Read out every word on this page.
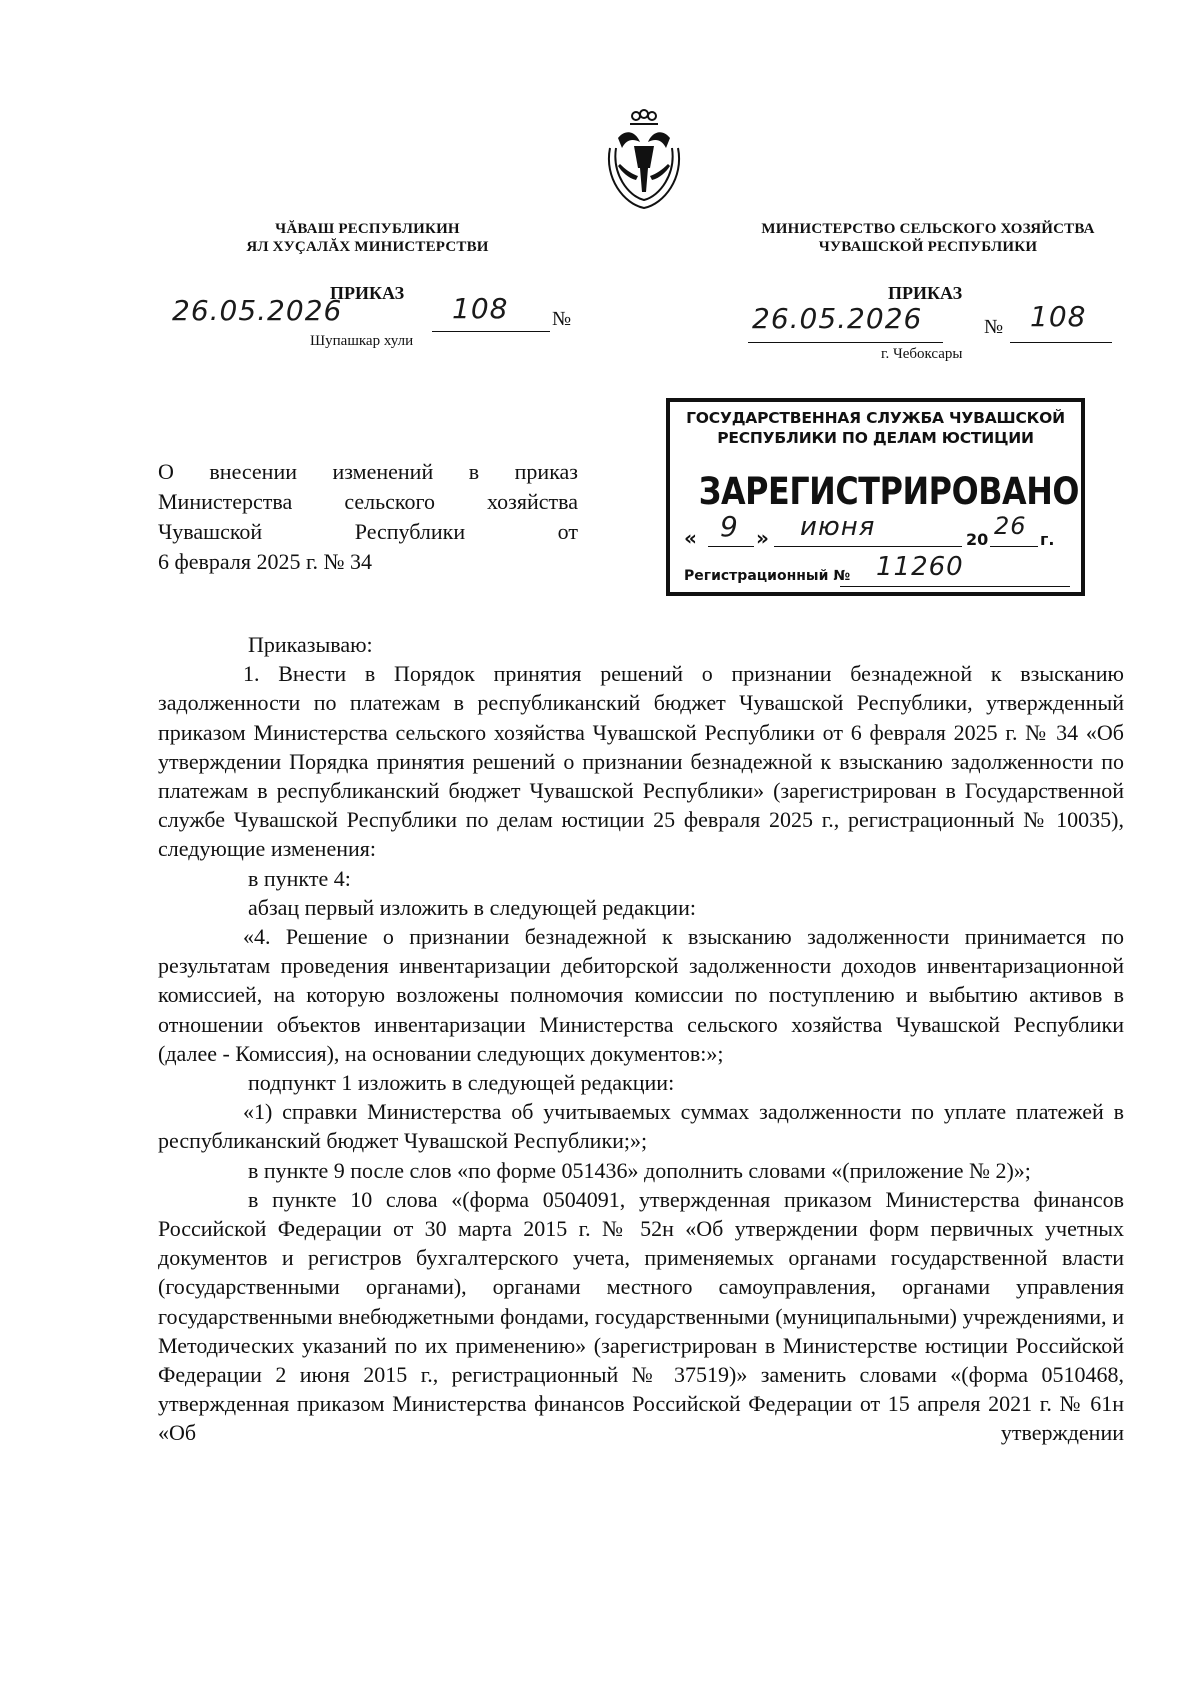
ЧĂВАШ РЕСПУБЛИКИН
ЯЛ ХУÇАЛĂХ МИНИСТЕРСТВИ
МИНИСТЕРСТВО СЕЛЬСКОГО ХОЗЯЙСТВА
ЧУВАШСКОЙ РЕСПУБЛИКИ
ПРИКАЗ
26.05.2026	108 №
Шупашкар хули
ПРИКАЗ
26.05.2026	№ 108
г. Чебоксары
ГОСУДАРСТВЕННАЯ СЛУЖБА ЧУВАШСКОЙ
РЕСПУБЛИКИ ПО ДЕЛАМ ЮСТИЦИИ
ЗАРЕГИСТРИРОВАНО
« 9 » июня	20 26 г.
Регистрационный № 11260
О внесении изменений в приказ
Министерства сельского хозяйства
Чувашской Республики от
6 февраля 2025 г. № 34

Приказываю:

1. Внести в Порядок принятия решений о признании безнадежной к взысканию задолженности по платежам в республиканский бюджет Чувашской Республики, утвержденный приказом Министерства сельского хозяйства Чувашской Республики от 6 февраля 2025 г. № 34 «Об утверждении Порядка принятия решений о признании безнадежной к взысканию задолженности по платежам в республиканский бюджет Чувашской Республики» (зарегистрирован в Государственной службе Чувашской Республики по делам юстиции 25 февраля 2025 г., регистрационный № 10035), следующие изменения:

в пункте 4:

абзац первый изложить в следующей редакции:

«4. Решение о признании безнадежной к взысканию задолженности принимается по результатам проведения инвентаризации дебиторской задолженности доходов инвентаризационной комиссией, на которую возложены полномочия комиссии по поступлению и выбытию активов в отношении объектов инвентаризации Министерства сельского хозяйства Чувашской Республики (далее - Комиссия), на основании следующих документов:»;

подпункт 1 изложить в следующей редакции:

«1) справки Министерства об учитываемых суммах задолженности по уплате платежей в республиканский бюджет Чувашской Республики;»;

в пункте 9 после слов «по форме 051436» дополнить словами «(приложение № 2)»;

в пункте 10 слова «(форма 0504091, утвержденная приказом Министерства финансов Российской Федерации от 30 марта 2015 г. № 52н «Об утверждении форм первичных учетных документов и регистров бухгалтерского учета, применяемых органами государственной власти (государственными органами), органами местного самоуправления, органами управления государственными внебюджетными фондами, государственными (муниципальными) учреждениями, и Методических указаний по их применению» (зарегистрирован в Министерстве юстиции Российской Федерации 2 июня 2015 г., регистрационный № 37519)» заменить словами «(форма 0510468, утвержденная приказом Министерства финансов Российской Федерации от 15 апреля 2021 г. № 61н «Об утверждении
